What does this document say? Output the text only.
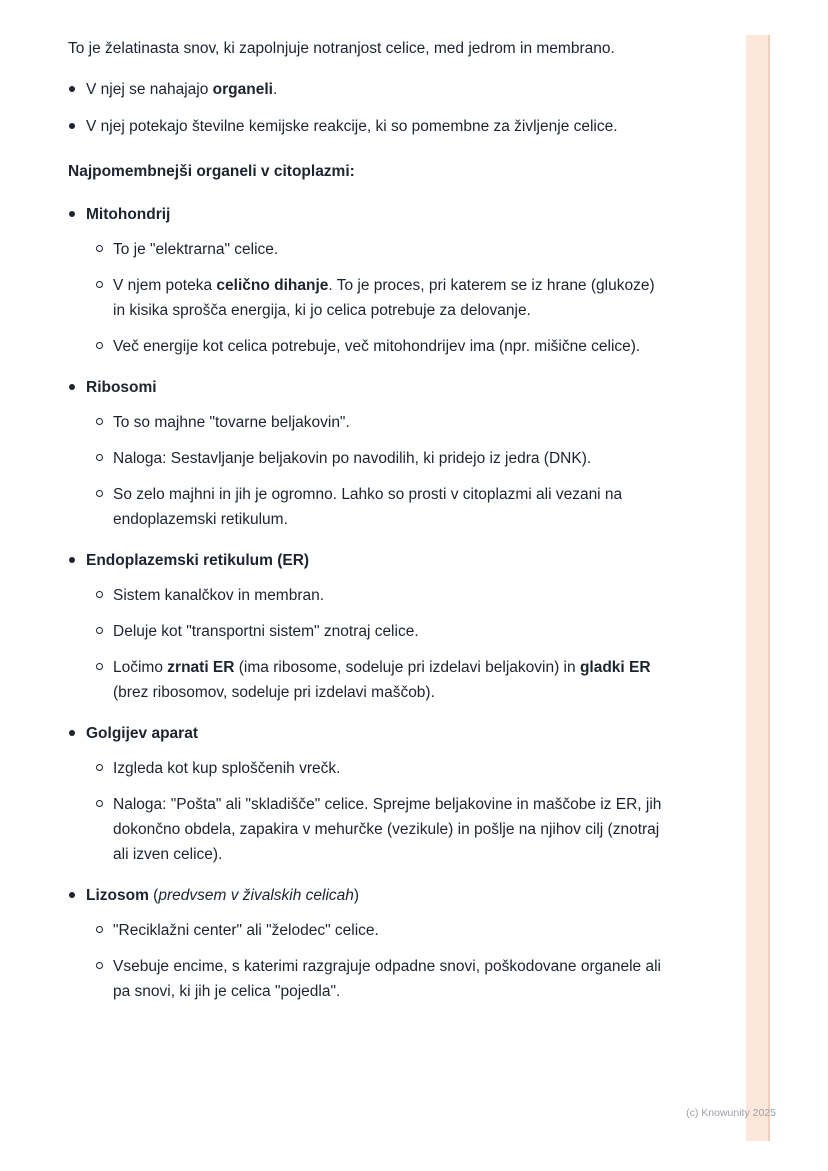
To je želatinasta snov, ki zapolnjuje notranjost celice, med jedrom in membrano.
V njej se nahajajo organeli.
V njej potekajo številne kemijske reakcije, ki so pomembne za življenje celice.
Najpomembnejši organeli v citoplazmi:
Mitohondrij
To je "elektrarna" celice.
V njem poteka celično dihanje. To je proces, pri katerem se iz hrane (glukoze) in kisika sprošča energija, ki jo celica potrebuje za delovanje.
Več energije kot celica potrebuje, več mitohondrijev ima (npr. mišične celice).
Ribosomi
To so majhne "tovarne beljakovin".
Naloga: Sestavljanje beljakovin po navodilih, ki pridejo iz jedra (DNK).
So zelo majhni in jih je ogromno. Lahko so prosti v citoplazmi ali vezani na endoplazemski retikulum.
Endoplazemski retikulum (ER)
Sistem kanalčkov in membran.
Deluje kot "transportni sistem" znotraj celice.
Ločimo zrnati ER (ima ribosome, sodeluje pri izdelavi beljakovin) in gladki ER (brez ribosomov, sodeluje pri izdelavi maščob).
Golgijev aparat
Izgleda kot kup sploščenih vrečk.
Naloga: "Pošta" ali "skladišče" celice. Sprejme beljakovine in maščobe iz ER, jih dokončno obdela, zapakira v mehurčke (vezikule) in pošlje na njihov cilj (znotraj ali izven celice).
Lizosom (predvsem v živalskih celicah)
"Reciklažni center" ali "želodec" celice.
Vsebuje encime, s katerimi razgrajuje odpadne snovi, poškodovane organele ali pa snovi, ki jih je celica "pojedla".
(c) Knowunity 2025
